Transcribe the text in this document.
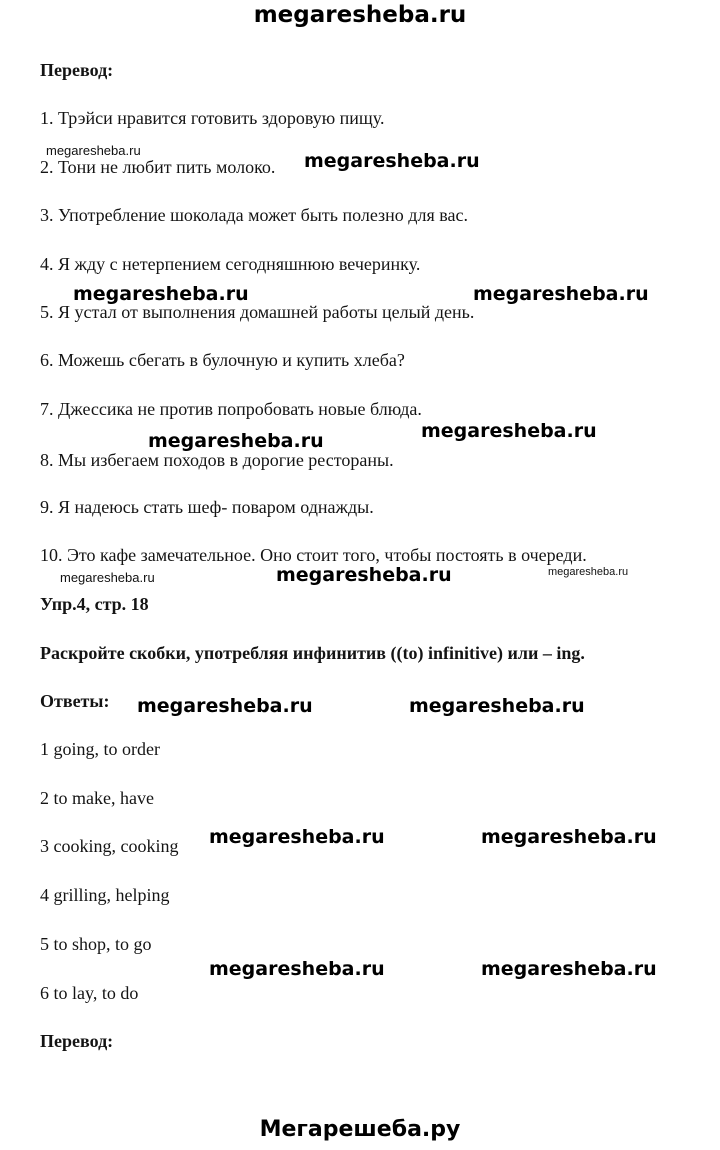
megaresheba.ru
Перевод:
1. Трэйси нравится готовить здоровую пищу.
2. Тони не любит пить молоко.
3. Употребление шоколада может быть полезно для вас.
4. Я жду с нетерпением сегодняшнюю вечеринку.
5. Я устал от выполнения домашней работы целый день.
6. Можешь сбегать в булочную и купить хлеба?
7. Джессика не против попробовать новые блюда.
8. Мы избегаем походов в дорогие рестораны.
9. Я надеюсь стать шеф- поваром однажды.
10. Это кафе замечательное. Оно стоит того, чтобы постоять в очереди.
Упр.4, стр. 18
Раскройте скобки, употребляя инфинитив ((to) infinitive) или – ing.
Ответы:
1 going, to order
2 to make, have
3 cooking, cooking
4 grilling, helping
5 to shop, to go
6 to lay, to do
Перевод:
megaresheba.ru	megaresheba.ru
megaresheba.ru	megaresheba.ru
megaresheba.ru	megaresheba.ru
megaresheba.ru	megaresheba.ru	megaresheba.ru
megaresheba.ru	megaresheba.ru
megaresheba.ru	megaresheba.ru
megaresheba.ru	megaresheba.ru
Мегарешеба.ру
